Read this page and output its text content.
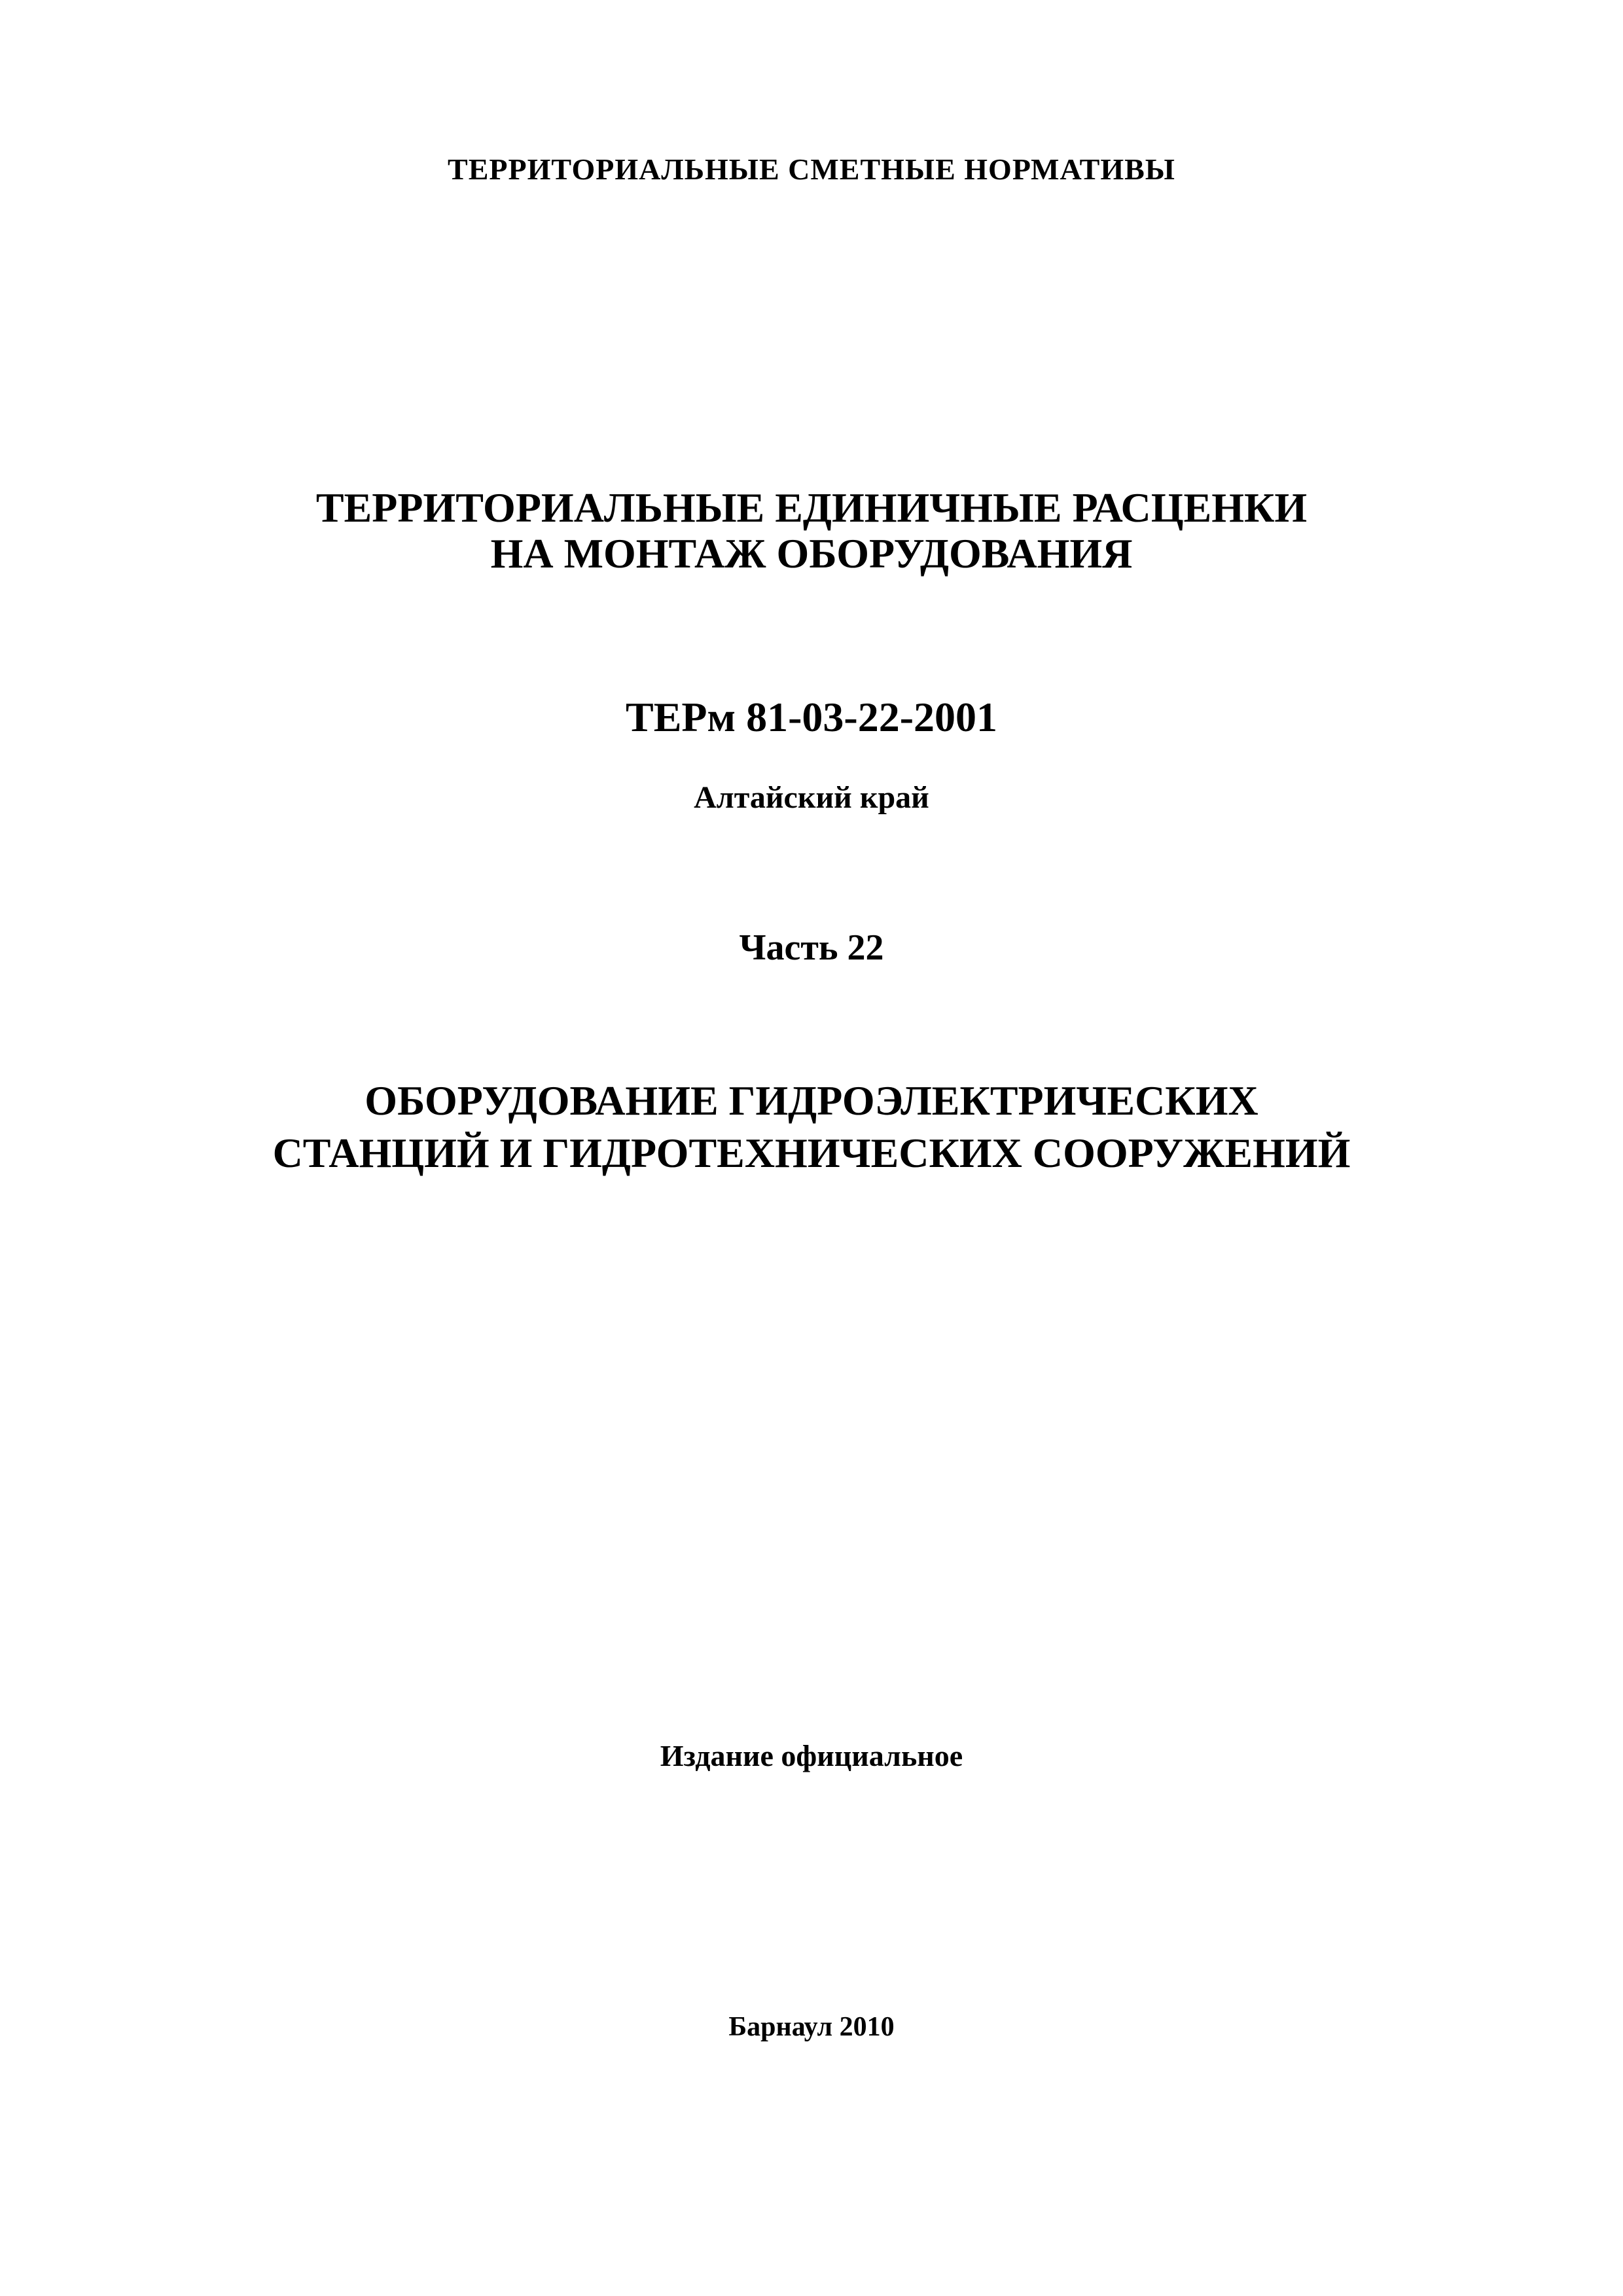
ТЕРРИТОРИАЛЬНЫЕ СМЕТНЫЕ НОРМАТИВЫ
ТЕРРИТОРИАЛЬНЫЕ ЕДИНИЧНЫЕ РАСЦЕНКИ
НА МОНТАЖ ОБОРУДОВАНИЯ
ТЕРм 81-03-22-2001
Алтайский край
Часть 22
ОБОРУДОВАНИЕ ГИДРОЭЛЕКТРИЧЕСКИХ
СТАНЦИЙ И ГИДРОТЕХНИЧЕСКИХ СООРУЖЕНИЙ
Издание официальное
Барнаул 2010
